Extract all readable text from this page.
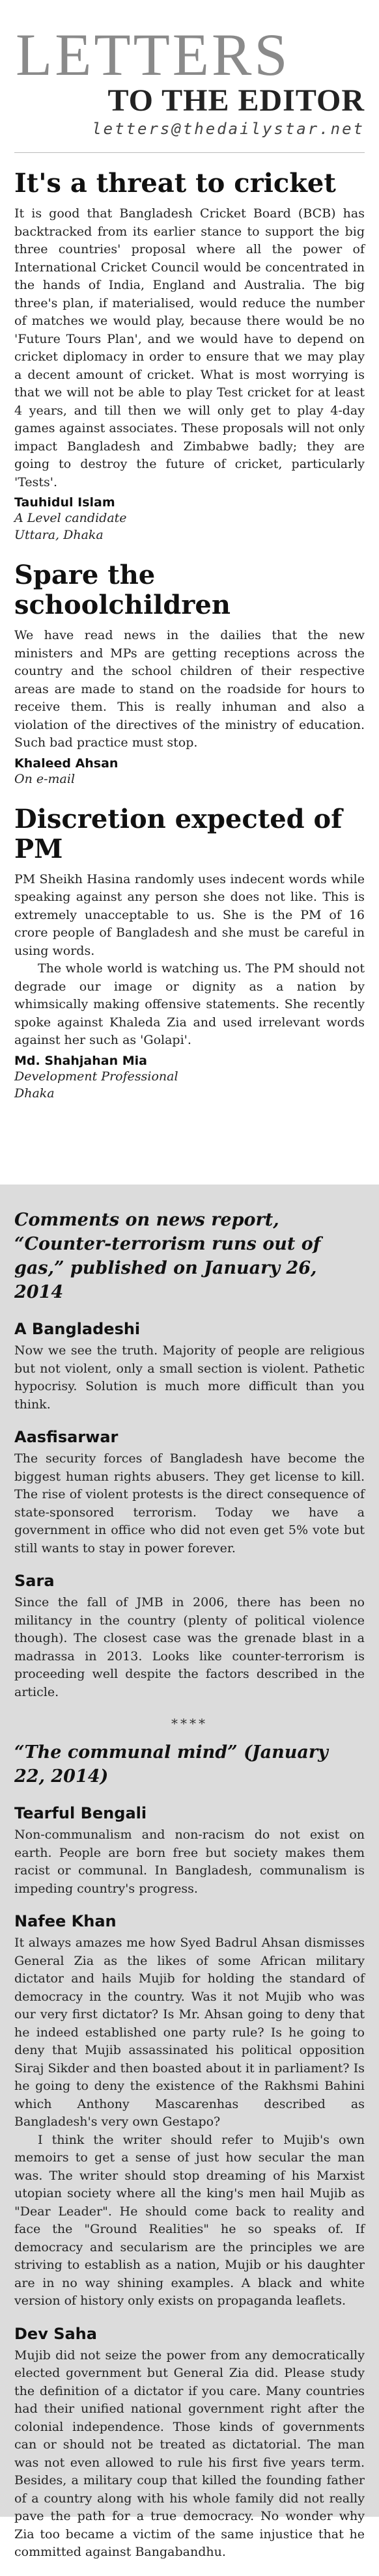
LETTERS
TO THE EDITOR
letters@thedailystar.net
It's a threat to cricket

It is good that Bangladesh Cricket Board (BCB) has backtracked from its earlier stance to support the big three countries' proposal where all the power of International Cricket Council would be concentrated in the hands of India, England and Australia. The big three's plan, if materialised, would reduce the number of matches we would play, because there would be no 'Future Tours Plan', and we would have to depend on cricket diplomacy in order to ensure that we may play a decent amount of cricket. What is most worrying is that we will not be able to play Test cricket for at least 4 years, and till then we will only get to play 4-day games against associates. These proposals will not only impact Bangladesh and Zimbabwe badly; they are going to destroy the future of cricket, particularly 'Tests'.

Tauhidul Islam
A Level candidate
Uttara, Dhaka
Spare the schoolchildren

We have read news in the dailies that the new ministers and MPs are getting receptions across the country and the school children of their respective areas are made to stand on the roadside for hours to receive them. This is really inhuman and also a violation of the directives of the ministry of education. Such bad practice must stop.

Khaleed Ahsan
On e-mail
Discretion expected of PM

PM Sheikh Hasina randomly uses indecent words while speaking against any person she does not like. This is extremely unacceptable to us. She is the PM of 16 crore people of Bangladesh and she must be careful in using words.

The whole world is watching us. The PM should not degrade our image or dignity as a nation by whimsically making offensive statements. She recently spoke against Khaleda Zia and used irrelevant words against her such as 'Golapi'.

Md. Shahjahan Mia
Development Professional
Dhaka
Comments on news report, “Counter-terrorism runs out of gas,” published on January 26, 2014
A Bangladeshi

Now we see the truth. Majority of people are religious but not violent, only a small section is violent. Pathetic hypocrisy. Solution is much more difficult than you think.

Aasfisarwar

The security forces of Bangladesh have become the biggest human rights abusers. They get license to kill. The rise of violent protests is the direct consequence of state-sponsored terrorism. Today we have a government in office who did not even get 5% vote but still wants to stay in power forever.

Sara

Since the fall of JMB in 2006, there has been no militancy in the country (plenty of political violence though). The closest case was the grenade blast in a madrassa in 2013. Looks like counter-terrorism is proceeding well despite the factors described in the article.

****
“The communal mind” (January 22, 2014)
Tearful Bengali

Non-communalism and non-racism do not exist on earth. People are born free but society makes them racist or communal. In Bangladesh, communalism is impeding country's progress.

Nafee Khan

It always amazes me how Syed Badrul Ahsan dismisses General Zia as the likes of some African military dictator and hails Mujib for holding the standard of democracy in the country. Was it not Mujib who was our very first dictator? Is Mr. Ahsan going to deny that he indeed established one party rule? Is he going to deny that Mujib assassinated his political opposition Siraj Sikder and then boasted about it in parliament? Is he going to deny the existence of the Rakhsmi Bahini which Anthony Mascarenhas described as Bangladesh's very own Gestapo?

I think the writer should refer to Mujib's own memoirs to get a sense of just how secular the man was. The writer should stop dreaming of his Marxist utopian society where all the king's men hail Mujib as "Dear Leader". He should come back to reality and face the "Ground Realities" he so speaks of. If democracy and secularism are the principles we are striving to establish as a nation, Mujib or his daughter are in no way shining examples. A black and white version of history only exists on propaganda leaflets.

Dev Saha

Mujib did not seize the power from any democratically elected government but General Zia did. Please study the definition of a dictator if you care. Many countries had their unified national government right after the colonial independence. Those kinds of governments can or should not be treated as dictatorial. The man was not even allowed to rule his first five years term. Besides, a military coup that killed the founding father of a country along with his whole family did not really pave the path for a true democracy. No wonder why Zia too became a victim of the same injustice that he committed against Bangabandhu.
